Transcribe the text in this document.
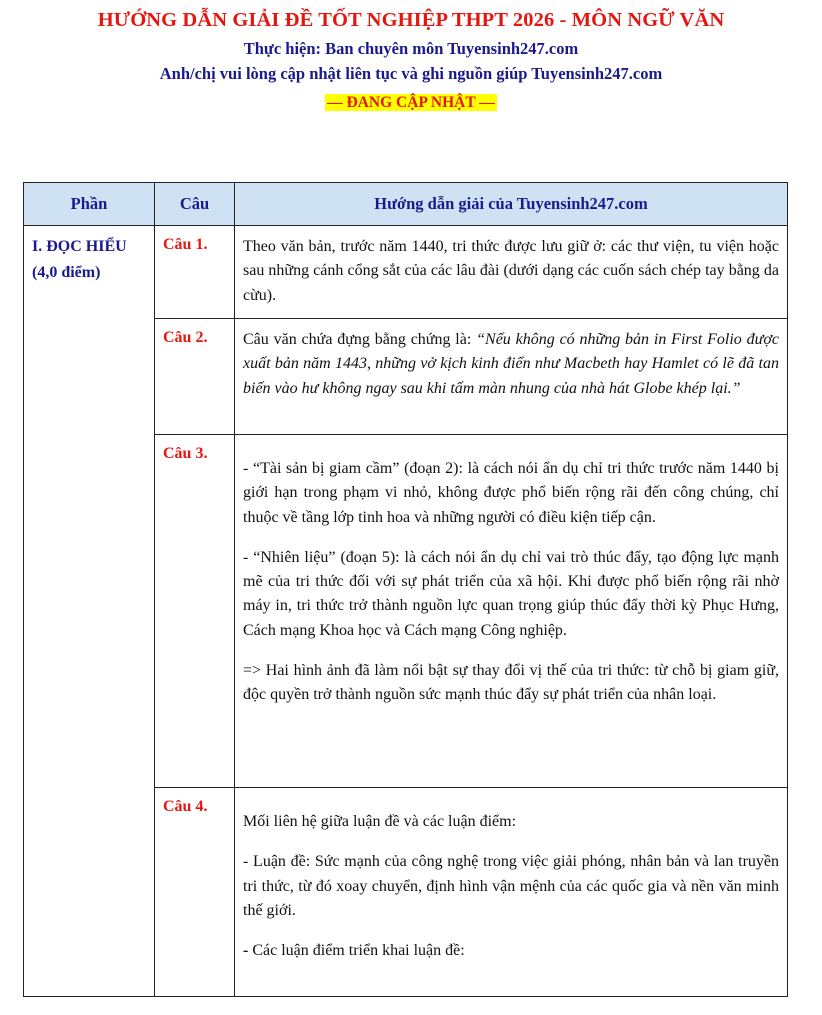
HƯỚNG DẪN GIẢI ĐỀ TỐT NGHIỆP THPT 2026 - MÔN NGỮ VĂN
Thực hiện: Ban chuyên môn Tuyensinh247.com
Anh/chị vui lòng cập nhật liên tục và ghi nguồn giúp Tuyensinh247.com
— ĐANG CẬP NHẬT —
Phần	Câu	Hướng dẫn giải của Tuyensinh247.com

I. ĐỌC HIỂU
(4,0 điểm)	Câu 1.	Theo văn bản, trước năm 1440, tri thức được lưu giữ ở: các thư viện, tu viện hoặc sau những cánh cổng sắt của các lâu đài (dưới dạng các cuốn sách chép tay bằng da cừu).

	Câu 2.	Câu văn chứa đựng bằng chứng là: “Nếu không có những bản in First Folio được xuất bản năm 1443, những vở kịch kinh điển như Macbeth hay Hamlet có lẽ đã tan biến vào hư không ngay sau khi tấm màn nhung của nhà hát Globe khép lại.”

	Câu 3.	- “Tài sản bị giam cầm” (đoạn 2): là cách nói ẩn dụ chỉ tri thức trước năm 1440 bị giới hạn trong phạm vi nhỏ, không được phổ biến rộng rãi đến công chúng, chỉ thuộc về tầng lớp tinh hoa và những người có điều kiện tiếp cận.

- “Nhiên liệu” (đoạn 5): là cách nói ẩn dụ chỉ vai trò thúc đẩy, tạo động lực mạnh mẽ của tri thức đối với sự phát triển của xã hội. Khi được phổ biến rộng rãi nhờ máy in, tri thức trở thành nguồn lực quan trọng giúp thúc đẩy thời kỳ Phục Hưng, Cách mạng Khoa học và Cách mạng Công nghiệp.

=> Hai hình ảnh đã làm nổi bật sự thay đổi vị thế của tri thức: từ chỗ bị giam giữ, độc quyền trở thành nguồn sức mạnh thúc đẩy sự phát triển của nhân loại.

	Câu 4.	Mối liên hệ giữa luận đề và các luận điểm:

- Luận đề: Sức mạnh của công nghệ trong việc giải phóng, nhân bản và lan truyền tri thức, từ đó xoay chuyển, định hình vận mệnh của các quốc gia và nền văn minh thế giới.

- Các luận điểm triển khai luận đề:
